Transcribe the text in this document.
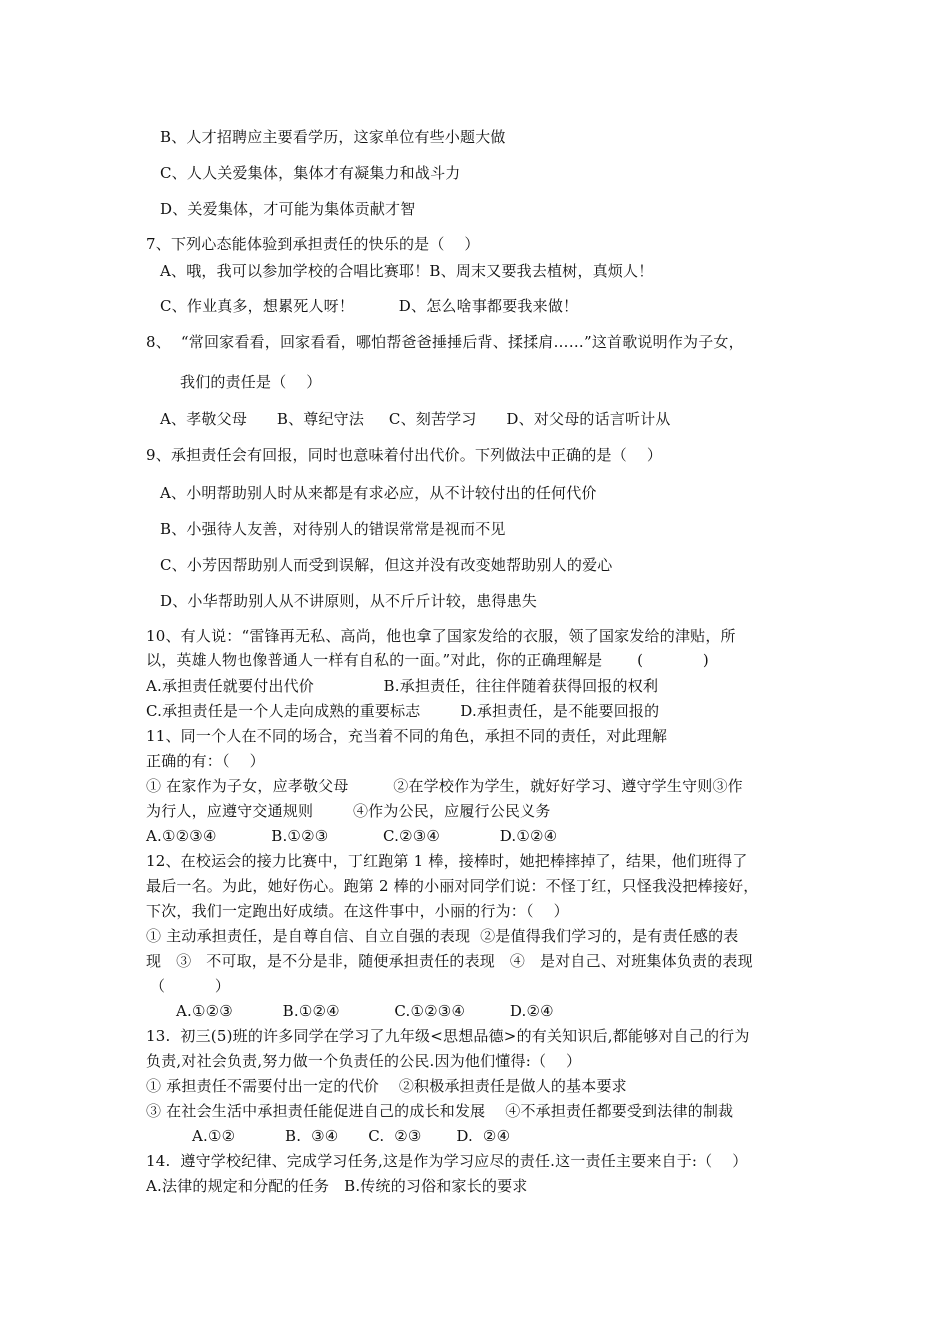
B、人才招聘应主要看学历，这家单位有些小题大做
C、人人关爱集体，集体才有凝集力和战斗力
D、关爱集体，才可能为集体贡献才智
7、下列心态能体验到承担责任的快乐的是（    ）
A、哦，我可以参加学校的合唱比赛耶！B、周末又要我去植树，真烦人！
C、作业真多，想累死人呀！         D、怎么啥事都要我来做！
8、  “常回家看看，回家看看，哪怕帮爸爸捶捶后背、揉揉肩……”这首歌说明作为子女，
我们的责任是（    ）
A、孝敬父母      B、尊纪守法     C、刻苦学习      D、对父母的话言听计从
9、承担责任会有回报，同时也意味着付出代价。下列做法中正确的是（    ）
A、小明帮助别人时从来都是有求必应，从不计较付出的任何代价
B、小强待人友善，对待别人的错误常常是视而不见
C、小芳因帮助别人而受到误解，但这并没有改变她帮助别人的爱心
D、小华帮助别人从不讲原则，从不斤斤计较，患得患失
10、有人说：“雷锋再无私、高尚，他也拿了国家发给的衣服，领了国家发给的津贴，所
以，英雄人物也像普通人一样有自私的一面。”对此，你的正确理解是       (            )
A.承担责任就要付出代价              B.承担责任，往往伴随着获得回报的权利
C.承担责任是一个人走向成熟的重要标志        D.承担责任，是不能要回报的
11、同一个人在不同的场合，充当着不同的角色，承担不同的责任，对此理解
正确的有：（    ）
① 在家作为子女，应孝敬父母         ②在学校作为学生，就好好学习、遵守学生守则③作
为行人，应遵守交通规则        ④作为公民，应履行公民义务
A.①②③④           B.①②③           C.②③④            D.①②④
12、在校运会的接力比赛中，丁红跑第 1 棒，接棒时，她把棒摔掉了，结果，他们班得了
最后一名。为此，她好伤心。跑第 2 棒的小丽对同学们说：不怪丁红，只怪我没把棒接好，
下次，我们一定跑出好成绩。在这件事中，小丽的行为：（    ）
① 主动承担责任，是自尊自信、自立自强的表现  ②是值得我们学习的，是有责任感的表
现   ③   不可取，是不分是非，随便承担责任的表现   ④   是对自己、对班集体负责的表现
（          ）
A.①②③          B.①②④           C.①②③④         D.②④
13.  初三(5)班的许多同学在学习了九年级<思想品德>的有关知识后,都能够对自己的行为
负责,对社会负责,努力做一个负责任的公民.因为他们懂得:（    ）
① 承担责任不需要付出一定的代价    ②积极承担责任是做人的基本要求
③ 在社会生活中承担责任能促进自己的成长和发展    ④不承担责任都要受到法律的制裁
A.①②          B.  ③④      C.  ②③       D.  ②④
14.  遵守学校纪律、完成学习任务,这是作为学习应尽的责任.这一责任主要来自于:（    ）
A.法律的规定和分配的任务   B.传统的习俗和家长的要求
